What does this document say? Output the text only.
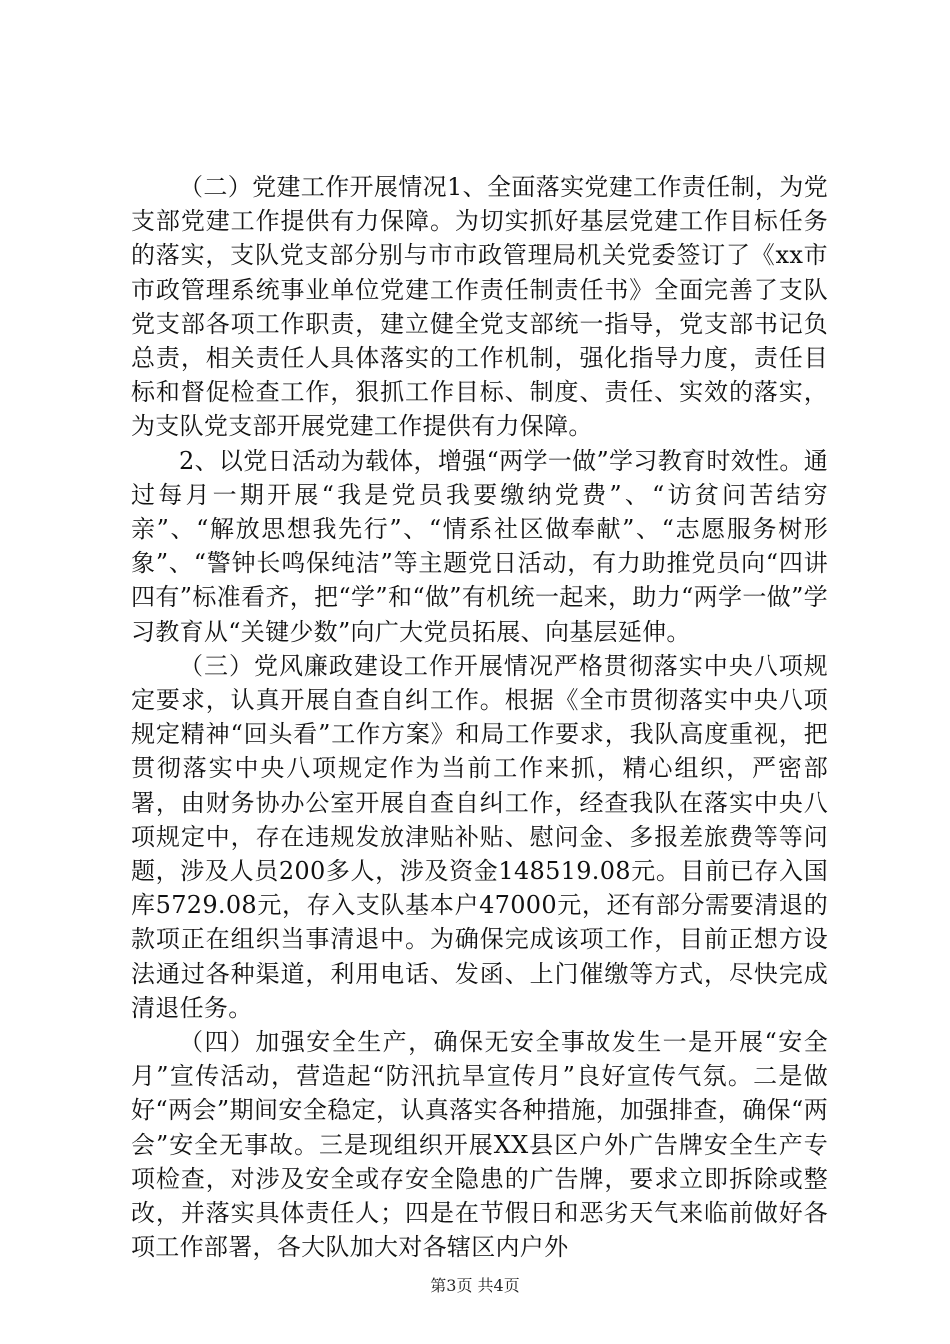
（二）党建工作开展情况1、全面落实党建工作责任制，为党支部党建工作提供有力保障。为切实抓好基层党建工作目标任务的落实，支队党支部分别与市市政管理局机关党委签订了《xx市市政管理系统事业单位党建工作责任制责任书》全面完善了支队党支部各项工作职责，建立健全党支部统一指导，党支部书记负总责，相关责任人具体落实的工作机制，强化指导力度，责任目标和督促检查工作，狠抓工作目标、制度、责任、实效的落实，为支队党支部开展党建工作提供有力保障。

2、以党日活动为载体，增强“两学一做”学习教育时效性。通过每月一期开展“我是党员我要缴纳党费”、“访贫问苦结穷亲”、“解放思想我先行”、“情系社区做奉献”、“志愿服务树形象”、“警钟长鸣保纯洁”等主题党日活动，有力助推党员向“四讲四有”标准看齐，把“学”和“做”有机统一起来，助力“两学一做”学习教育从“关键少数”向广大党员拓展、向基层延伸。

（三）党风廉政建设工作开展情况严格贯彻落实中央八项规定要求，认真开展自查自纠工作。根据《全市贯彻落实中央八项规定精神“回头看”工作方案》和局工作要求，我队高度重视，把贯彻落实中央八项规定作为当前工作来抓，精心组织，严密部署，由财务协办公室开展自查自纠工作，经查我队在落实中央八项规定中，存在违规发放津贴补贴、慰问金、多报差旅费等等问题，涉及人员200多人，涉及资金148519.08元。目前已存入国库5729.08元，存入支队基本户47000元，还有部分需要清退的款项正在组织当事清退中。为确保完成该项工作，目前正想方设法通过各种渠道，利用电话、发函、上门催缴等方式，尽快完成清退任务。

（四）加强安全生产，确保无安全事故发生一是开展“安全月”宣传活动，营造起“防汛抗旱宣传月”良好宣传气氛。二是做好“两会”期间安全稳定，认真落实各种措施，加强排查，确保“两会”安全无事故。三是现组织开展XX县区户外广告牌安全生产专项检查，对涉及安全或存安全隐患的广告牌，要求立即拆除或整改，并落实具体责任人；四是在节假日和恶劣天气来临前做好各项工作部署，各大队加大对各辖区内户外

第3页 共4页
